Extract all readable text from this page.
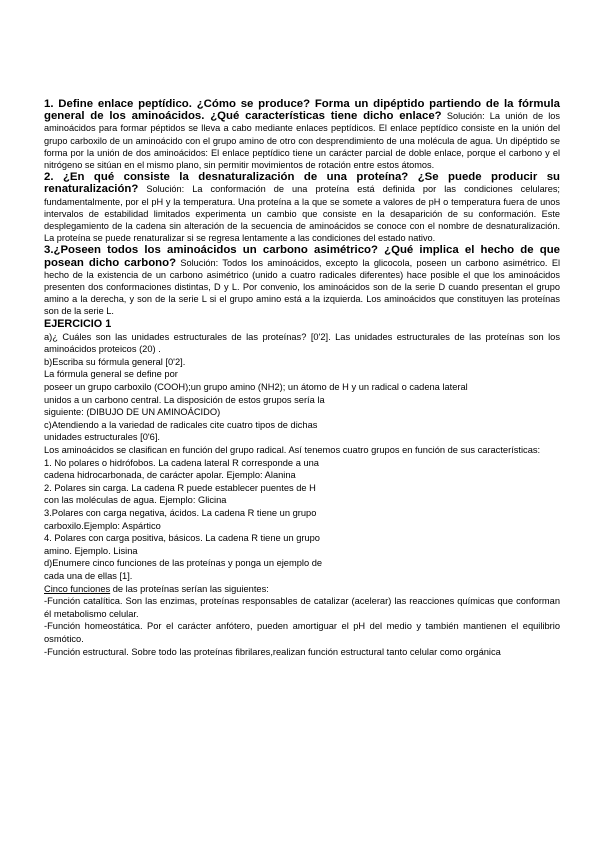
1. Define enlace peptídico. ¿Cómo se produce? Forma un dipéptido partiendo de la fórmula general de los aminoácidos. ¿Qué características tiene dicho enlace? Solución: La unión de los aminoácidos para formar péptidos se lleva a cabo mediante enlaces peptídicos. El enlace peptídico consiste en la unión del grupo carboxilo de un aminoácido con el grupo amino de otro con desprendimiento de una molécula de agua. Un dipéptido se forma por la unión de dos aminoácidos: El enlace peptídico tiene un carácter parcial de doble enlace, porque el carbono y el nitrógeno se sitúan en el mismo plano, sin permitir movimientos de rotación entre estos átomos.

2. ¿En qué consiste la desnaturalización de una proteína? ¿Se puede producir su renaturalización? Solución: La conformación de una proteína está definida por las condiciones celulares; fundamentalmente, por el pH y la temperatura. Una proteína a la que se somete a valores de pH o temperatura fuera de unos intervalos de estabilidad limitados experimenta un cambio que consiste en la desaparición de su conformación. Este desplegamiento de la cadena sin alteración de la secuencia de aminoácidos se conoce con el nombre de desnaturalización. La proteína se puede renaturalizar si se regresa lentamente a las condiciones del estado nativo.

3.¿Poseen todos los aminoácidos un carbono asimétrico? ¿Qué implica el hecho de que posean dicho carbono? Solución: Todos los aminoácidos, excepto la glicocola, poseen un carbono asimétrico. El hecho de la existencia de un carbono asimétrico (unido a cuatro radicales diferentes) hace posible el que los aminoácidos presenten dos conformaciones distintas, D y L. Por convenio, los aminoácidos son de la serie D cuando presentan el grupo amino a la derecha, y son de la serie L si el grupo amino está a la izquierda. Los aminoácidos que constituyen las proteínas son de la serie L.

EJERCICIO 1

a)¿ Cuáles son las unidades estructurales de las proteínas? [0'2]. Las unidades estructurales de las proteínas son los aminoácidos proteicos (20) .

b)Escriba su fórmula general [0'2].

La fórmula general se define por

poseer un grupo carboxilo (COOH);un grupo amino (NH2); un átomo de H y un radical o cadena lateral

unidos a un carbono central. La disposición de estos grupos sería la

siguiente: (DIBUJO DE UN AMINOÁCIDO)

c)Atendiendo a la variedad de radicales cite cuatro tipos de dichas

unidades estructurales [0'6].

Los aminoácidos se clasifican en función del grupo radical. Así tenemos cuatro grupos en función de sus características:

1. No polares o hidrófobos. La cadena lateral R corresponde a una

cadena hidrocarbonada, de carácter apolar. Ejemplo: Alanina

2. Polares sin carga. La cadena R puede establecer puentes de H

con las moléculas de agua. Ejemplo: Glicina

3.Polares con carga negativa, ácidos. La cadena R tiene un grupo

carboxilo.Ejemplo: Aspártico

4. Polares con carga positiva, básicos. La cadena R tiene un grupo

amino. Ejemplo. Lisina

d)Enumere cinco funciones de las proteínas y ponga un ejemplo de

cada una de ellas [1].

Cinco funciones de las proteínas serían las siguientes:

-Función catalítica. Son las enzimas, proteínas responsables de catalizar (acelerar) las reacciones químicas que conforman él metabolismo celular.

-Función homeostática. Por el carácter anfótero, pueden amortiguar el pH del medio y también mantienen el equilibrio osmótico.

-Función estructural. Sobre todo las proteínas fibrilares,realizan función estructural tanto celular como orgánica
